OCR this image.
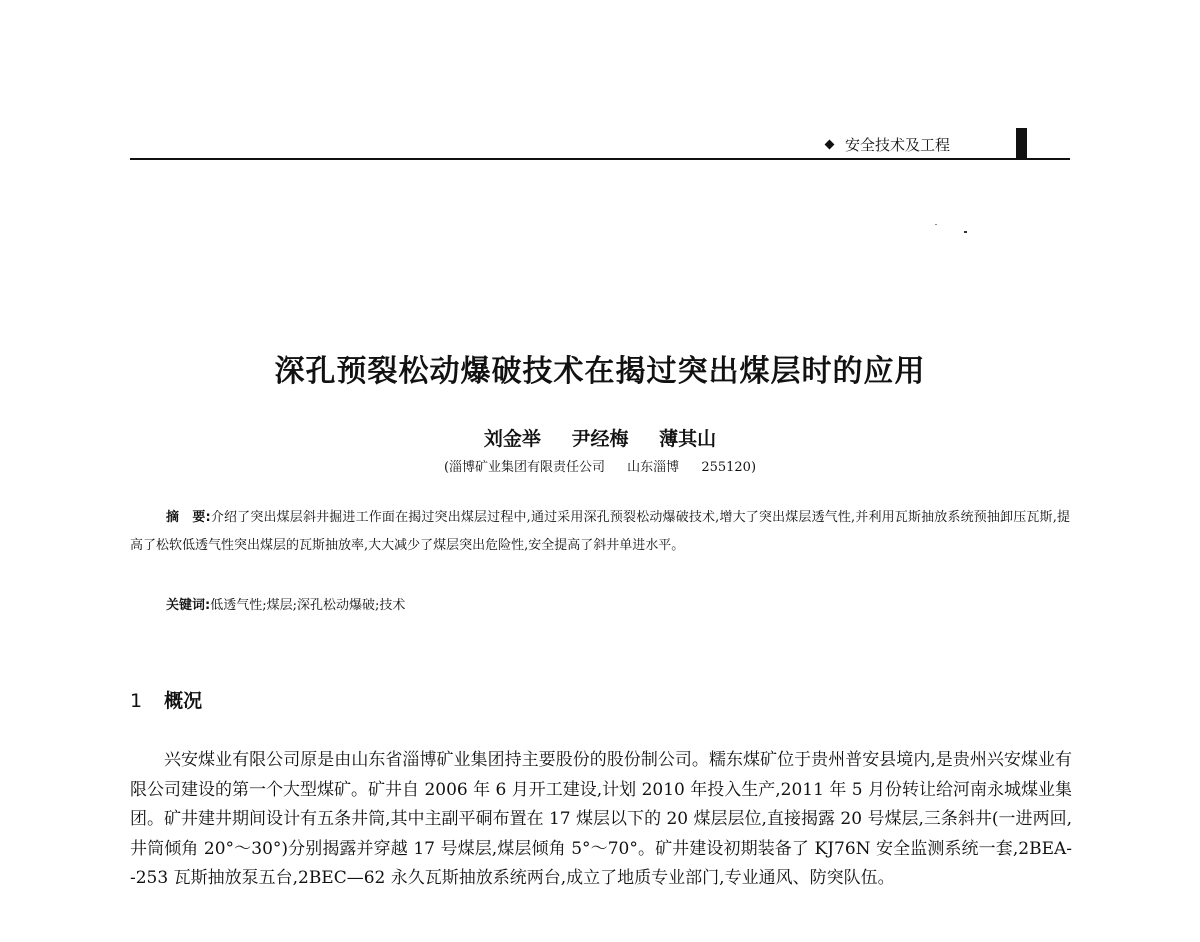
安全技术及工程
深孔预裂松动爆破技术在揭过突出煤层时的应用
刘金举 尹经梅 薄其山
(淄博矿业集团有限责任公司 山东淄博 255120)
摘　要:介绍了突出煤层斜井掘进工作面在揭过突出煤层过程中,通过采用深孔预裂松动爆破技术,增大了突出煤层透气性,并利用瓦斯抽放系统预抽卸压瓦斯,提高了松软低透气性突出煤层的瓦斯抽放率,大大减少了煤层突出危险性,安全提高了斜井单进水平。
关键词:低透气性;煤层;深孔松动爆破;技术
1 概况
兴安煤业有限公司原是由山东省淄博矿业集团持主要股份的股份制公司。糯东煤矿位于贵州普安县境内,是贵州兴安煤业有限公司建设的第一个大型煤矿。矿井自 2006 年 6 月开工建设,计划 2010 年投入生产,2011 年 5 月份转让给河南永城煤业集团。矿井建井期间设计有五条井筒,其中主副平硐布置在 17 煤层以下的 20 煤层层位,直接揭露 20 号煤层,三条斜井(一进两回,井筒倾角 20°～30°)分别揭露并穿越 17 号煤层,煤层倾角 5°～70°。矿井建设初期装备了 KJ76N 安全监测系统一套,2BEA--253 瓦斯抽放泵五台,2BEC—62 永久瓦斯抽放系统两台,成立了地质专业部门,专业通风、防突队伍。
